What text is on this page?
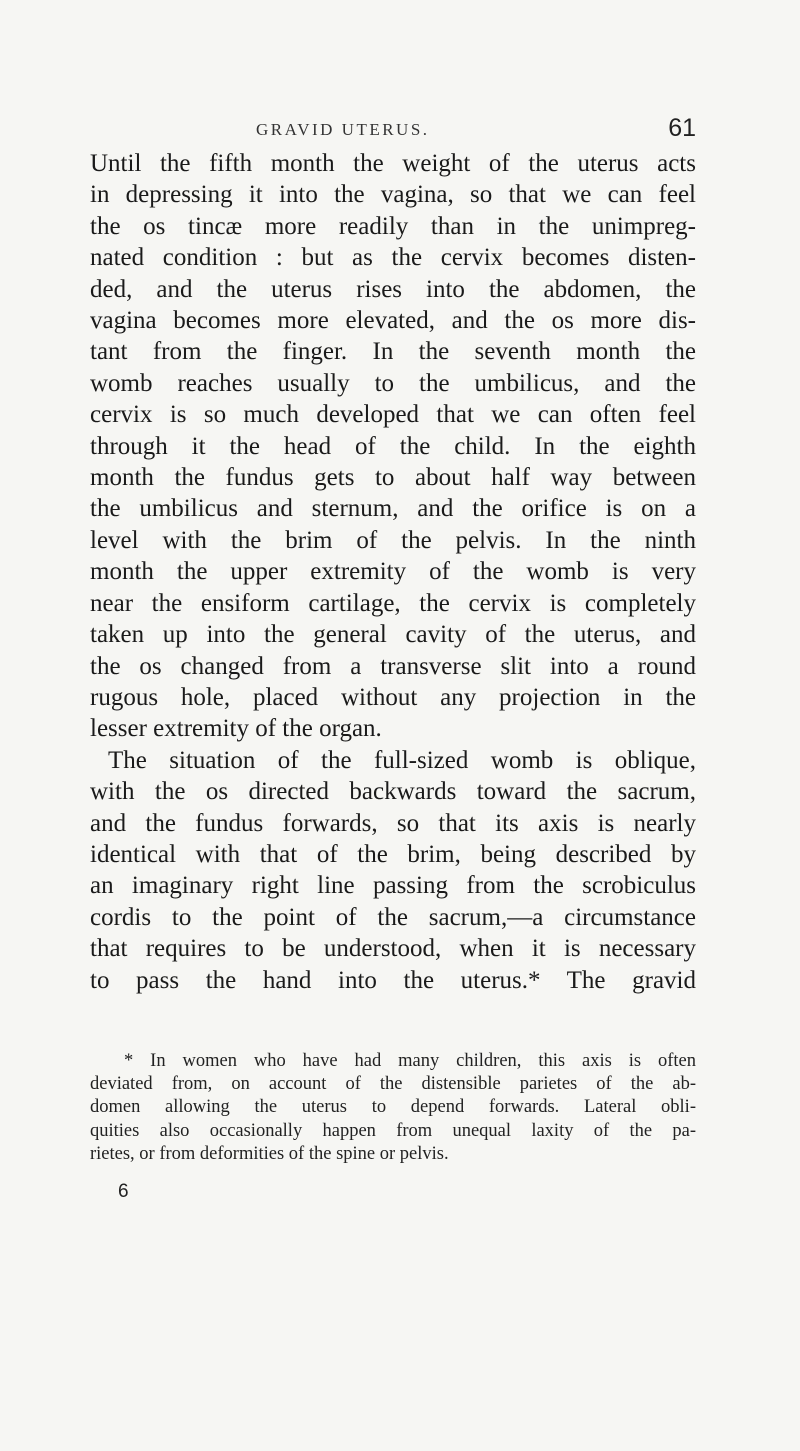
GRAVID UTERUS.	61
Until the fifth month the weight of the uterus acts
in depressing it into the vagina, so that we can feel
the os tincæ more readily than in the unimpreg-
nated condition : but as the cervix becomes disten-
ded, and the uterus rises into the abdomen, the
vagina becomes more elevated, and the os more dis-
tant from the finger. In the seventh month the
womb reaches usually to the umbilicus, and the
cervix is so much developed that we can often feel
through it the head of the child. In the eighth
month the fundus gets to about half way between
the umbilicus and sternum, and the orifice is on a
level with the brim of the pelvis. In the ninth
month the upper extremity of the womb is very
near the ensiform cartilage, the cervix is completely
taken up into the general cavity of the uterus, and
the os changed from a transverse slit into a round
rugous hole, placed without any projection in the
lesser extremity of the organ.
The situation of the full-sized womb is oblique,
with the os directed backwards toward the sacrum,
and the fundus forwards, so that its axis is nearly
identical with that of the brim, being described by
an imaginary right line passing from the scrobiculus
cordis to the point of the sacrum,—a circumstance
that requires to be understood, when it is necessary
to pass the hand into the uterus.* The gravid
* In women who have had many children, this axis is often
deviated from, on account of the distensible parietes of the ab-
domen allowing the uterus to depend forwards. Lateral obli-
quities also occasionally happen from unequal laxity of the pa-
rietes, or from deformities of the spine or pelvis.
6
